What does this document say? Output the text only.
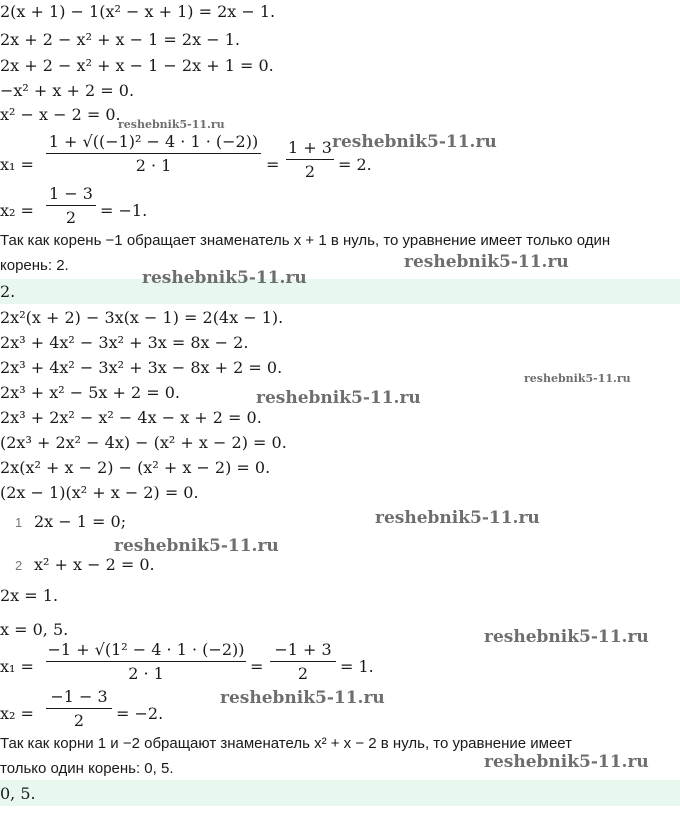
2(x + 1) − 1(x² − x + 1) = 2x − 1.
2x + 2 − x² + x − 1 = 2x − 1.
2x + 2 − x² + x − 1 − 2x + 1 = 0.
−x² + x + 2 = 0.
x² − x − 2 = 0.
x₁ =
1 + √((−1)² − 4 · 1 · (−2))
2 · 1	=
1 + 3
2	= 2.
x₂ =
1 − 3
2	= −1.
Так как корень −1 обращает знаменатель x + 1 в нуль, то уравнение имеет только один
корень: 2.
2.
2x²(x + 2) − 3x(x − 1) = 2(4x − 1).
2x³ + 4x² − 3x² + 3x = 8x − 2.
2x³ + 4x² − 3x² + 3x − 8x + 2 = 0.
2x³ + x² − 5x + 2 = 0.
2x³ + 2x² − x² − 4x − x + 2 = 0.
(2x³ + 2x² − 4x) − (x² + x − 2) = 0.
2x(x² + x − 2) − (x² + x − 2) = 0.
(2x − 1)(x² + x − 2) = 0.
1 2x − 1 = 0;
2 x² + x − 2 = 0.
2x = 1.
x = 0, 5.
x₁ =
−1 + √(1² − 4 · 1 · (−2))
2 · 1	=
−1 + 3
2	= 1.
x₂ =
−1 − 3
2	= −2.
Так как корни 1 и −2 обращают знаменатель x² + x − 2 в нуль, то уравнение имеет
только один корень: 0, 5.
0, 5.
reshebnik5-11.ru
reshebnik5-11.ru
reshebnik5-11.ru
reshebnik5-11.ru
reshebnik5-11.ru
reshebnik5-11.ru
reshebnik5-11.ru
reshebnik5-11.ru
reshebnik5-11.ru
reshebnik5-11.ru
reshebnik5-11.ru
